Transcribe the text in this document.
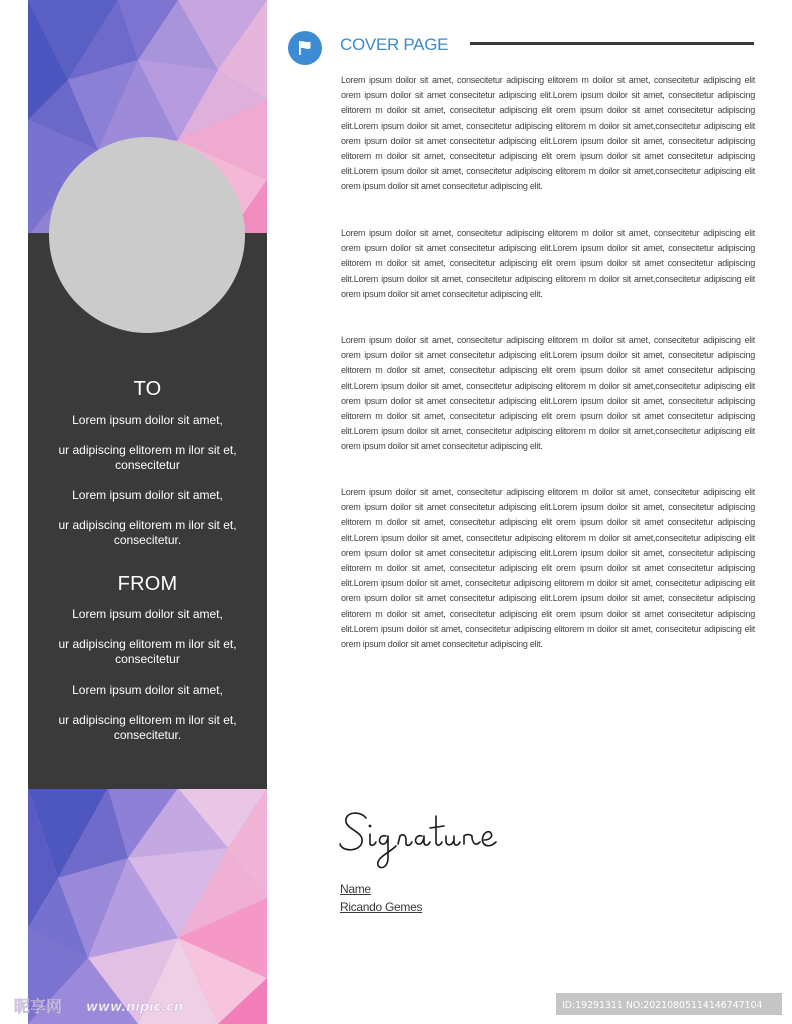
TO
Lorem ipsum doilor sit amet,
ur adipiscing elitorem m ilor sit et,
consecitetur
Lorem ipsum doilor sit amet,
ur adipiscing elitorem m ilor sit et,
consecitetur.
FROM
Lorem ipsum doilor sit amet,
ur adipiscing elitorem m ilor sit et,
consecitetur
Lorem ipsum doilor sit amet,
ur adipiscing elitorem m ilor sit et,
consecitetur.
COVER PAGE

Lorem ipsum doilor sit amet, consecitetur adipiscing elitorem m doilor sit amet, consecitetur adipiscing elit orem ipsum doilor sit amet consecitetur adipiscing elit.Lorem ipsum doilor sit amet, consecitetur adipiscing elitorem m doilor sit amet, consecitetur adipiscing elit orem ipsum doilor sit amet consecitetur adipiscing elit.Lorem ipsum doilor sit amet, consecitetur adipiscing elitorem m doilor sit amet,consecitetur adipiscing elit orem ipsum doilor sit amet consecitetur adipiscing elit.Lorem ipsum doilor sit amet, consecitetur adipiscing elitorem m doilor sit amet, consecitetur adipiscing elit orem ipsum doilor sit amet consecitetur adipiscing elit.Lorem ipsum doilor sit amet, consecitetur adipiscing elitorem m doilor sit amet,consecitetur adipiscing elit orem ipsum doilor sit amet consecitetur adipiscing elit.

Lorem ipsum doilor sit amet, consecitetur adipiscing elitorem m doilor sit amet, consecitetur adipiscing elit orem ipsum doilor sit amet consecitetur adipiscing elit.Lorem ipsum doilor sit amet, consecitetur adipiscing elitorem m doilor sit amet, consecitetur adipiscing elit orem ipsum doilor sit amet consecitetur adipiscing elit.Lorem ipsum doilor sit amet, consecitetur adipiscing elitorem m doilor sit amet,consecitetur adipiscing elit orem ipsum doilor sit amet consecitetur adipiscing elit.

Lorem ipsum doilor sit amet, consecitetur adipiscing elitorem m doilor sit amet, consecitetur adipiscing elit orem ipsum doilor sit amet consecitetur adipiscing elit.Lorem ipsum doilor sit amet, consecitetur adipiscing elitorem m doilor sit amet, consecitetur adipiscing elit orem ipsum doilor sit amet consecitetur adipiscing elit.Lorem ipsum doilor sit amet, consecitetur adipiscing elitorem m doilor sit amet,consecitetur adipiscing elit orem ipsum doilor sit amet consecitetur adipiscing elit.Lorem ipsum doilor sit amet, consecitetur adipiscing elitorem m doilor sit amet, consecitetur adipiscing elit orem ipsum doilor sit amet consecitetur adipiscing elit.Lorem ipsum doilor sit amet, consecitetur adipiscing elitorem m doilor sit amet,consecitetur adipiscing elit orem ipsum doilor sit amet consecitetur adipiscing elit.

Lorem ipsum doilor sit amet, consecitetur adipiscing elitorem m doilor sit amet, consecitetur adipiscing elit orem ipsum doilor sit amet consecitetur adipiscing elit.Lorem ipsum doilor sit amet, consecitetur adipiscing elitorem m doilor sit amet, consecitetur adipiscing elit orem ipsum doilor sit amet consecitetur adipiscing elit.Lorem ipsum doilor sit amet, consecitetur adipiscing elitorem m doilor sit amet,consecitetur adipiscing elit orem ipsum doilor sit amet consecitetur adipiscing elit.Lorem ipsum doilor sit amet, consecitetur adipiscing elitorem m doilor sit amet, consecitetur adipiscing elit orem ipsum doilor sit amet consecitetur adipiscing elit.Lorem ipsum doilor sit amet, consecitetur adipiscing elitorem m doilor sit amet, consecitetur adipiscing elit orem ipsum doilor sit amet consecitetur adipiscing elit.Lorem ipsum doilor sit amet, consecitetur adipiscing elitorem m doilor sit amet, consecitetur adipiscing elit orem ipsum doilor sit amet consecitetur adipiscing elit.Lorem ipsum doilor sit amet, consecitetur adipiscing elitorem m doilor sit amet, consecitetur adipiscing elit orem ipsum doilor sit amet consecitetur adipiscing elit.

Name
Ricando Gemes
昵享网 www.nipic.cn	ID:19291311 NO:20210805114146747104
